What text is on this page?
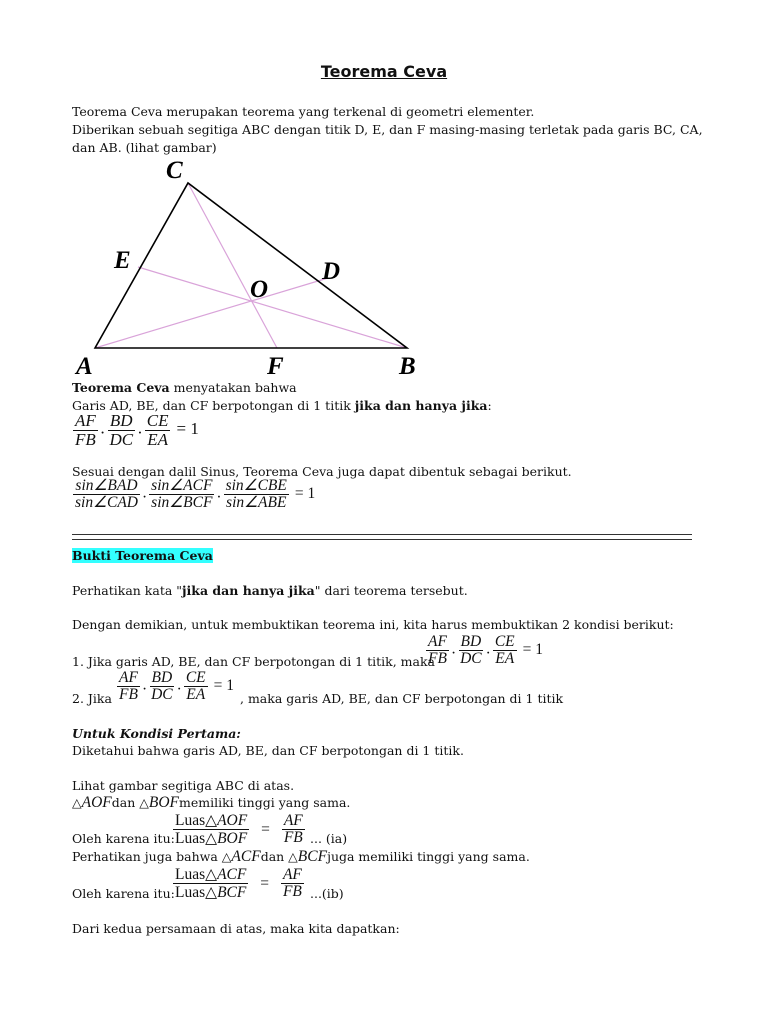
Teorema Ceva
Teorema Ceva merupakan teorema yang terkenal di geometri elementer.
Diberikan sebuah segitiga ABC dengan titik D, E, dan F masing-masing terletak pada garis BC, CA,
dan AB. (lihat gambar)
C
E
O
D
A	F	B
Teorema Ceva menyatakan bahwa
Garis AD, BE, dan CF berpotongan di 1 titik jika dan hanya jika:
$\frac{AF}{FB} \cdot \frac{BD}{DC} \cdot \frac{CE}{EA} = 1$
Sesuai dengan dalil Sinus, Teorema Ceva juga dapat dibentuk sebagai berikut.
$\frac{\text{sin∠BAD}}{\text{sin∠CAD}} \cdot \frac{\text{sin∠ACF}}{\text{sin∠BCF}} \cdot \frac{\text{sin∠CBE}}{\text{sin∠ABE}} = 1$
Bukti Teorema Ceva
Perhatikan kata "jika dan hanya jika" dari teorema tersebut.
Dengan demikian, untuk membuktikan teorema ini, kita harus membuktikan 2 kondisi berikut:
1. Jika garis AD, BE, dan CF berpotongan di 1 titik, maka
$\frac{AF}{FB} \cdot \frac{BD}{DC} \cdot \frac{CE}{EA} = 1$
2. Jika $\frac{AF}{FB} \cdot \frac{BD}{DC} \cdot \frac{CE}{EA} = 1$
, maka garis AD, BE, dan CF berpotongan di 1 titik
Untuk Kondisi Pertama:
Diketahui bahwa garis AD, BE, dan CF berpotongan di 1 titik.
Lihat gambar segitiga ABC di atas.
△AOFdan △BOFmemiliki tinggi yang sama.
Oleh karena itu:
$\frac{\text{Luas△AOF}}{\text{Luas△BOF}} = \frac{AF}{FB}$ ... (ia)
Perhatikan juga bahwa △ACFdan △BCFjuga memiliki tinggi yang sama.
Oleh karena itu:
$\frac{\text{Luas△ACF}}{\text{Luas△BCF}} = \frac{AF}{FB} ...(ib)$
Dari kedua persamaan di atas, maka kita dapatkan:
